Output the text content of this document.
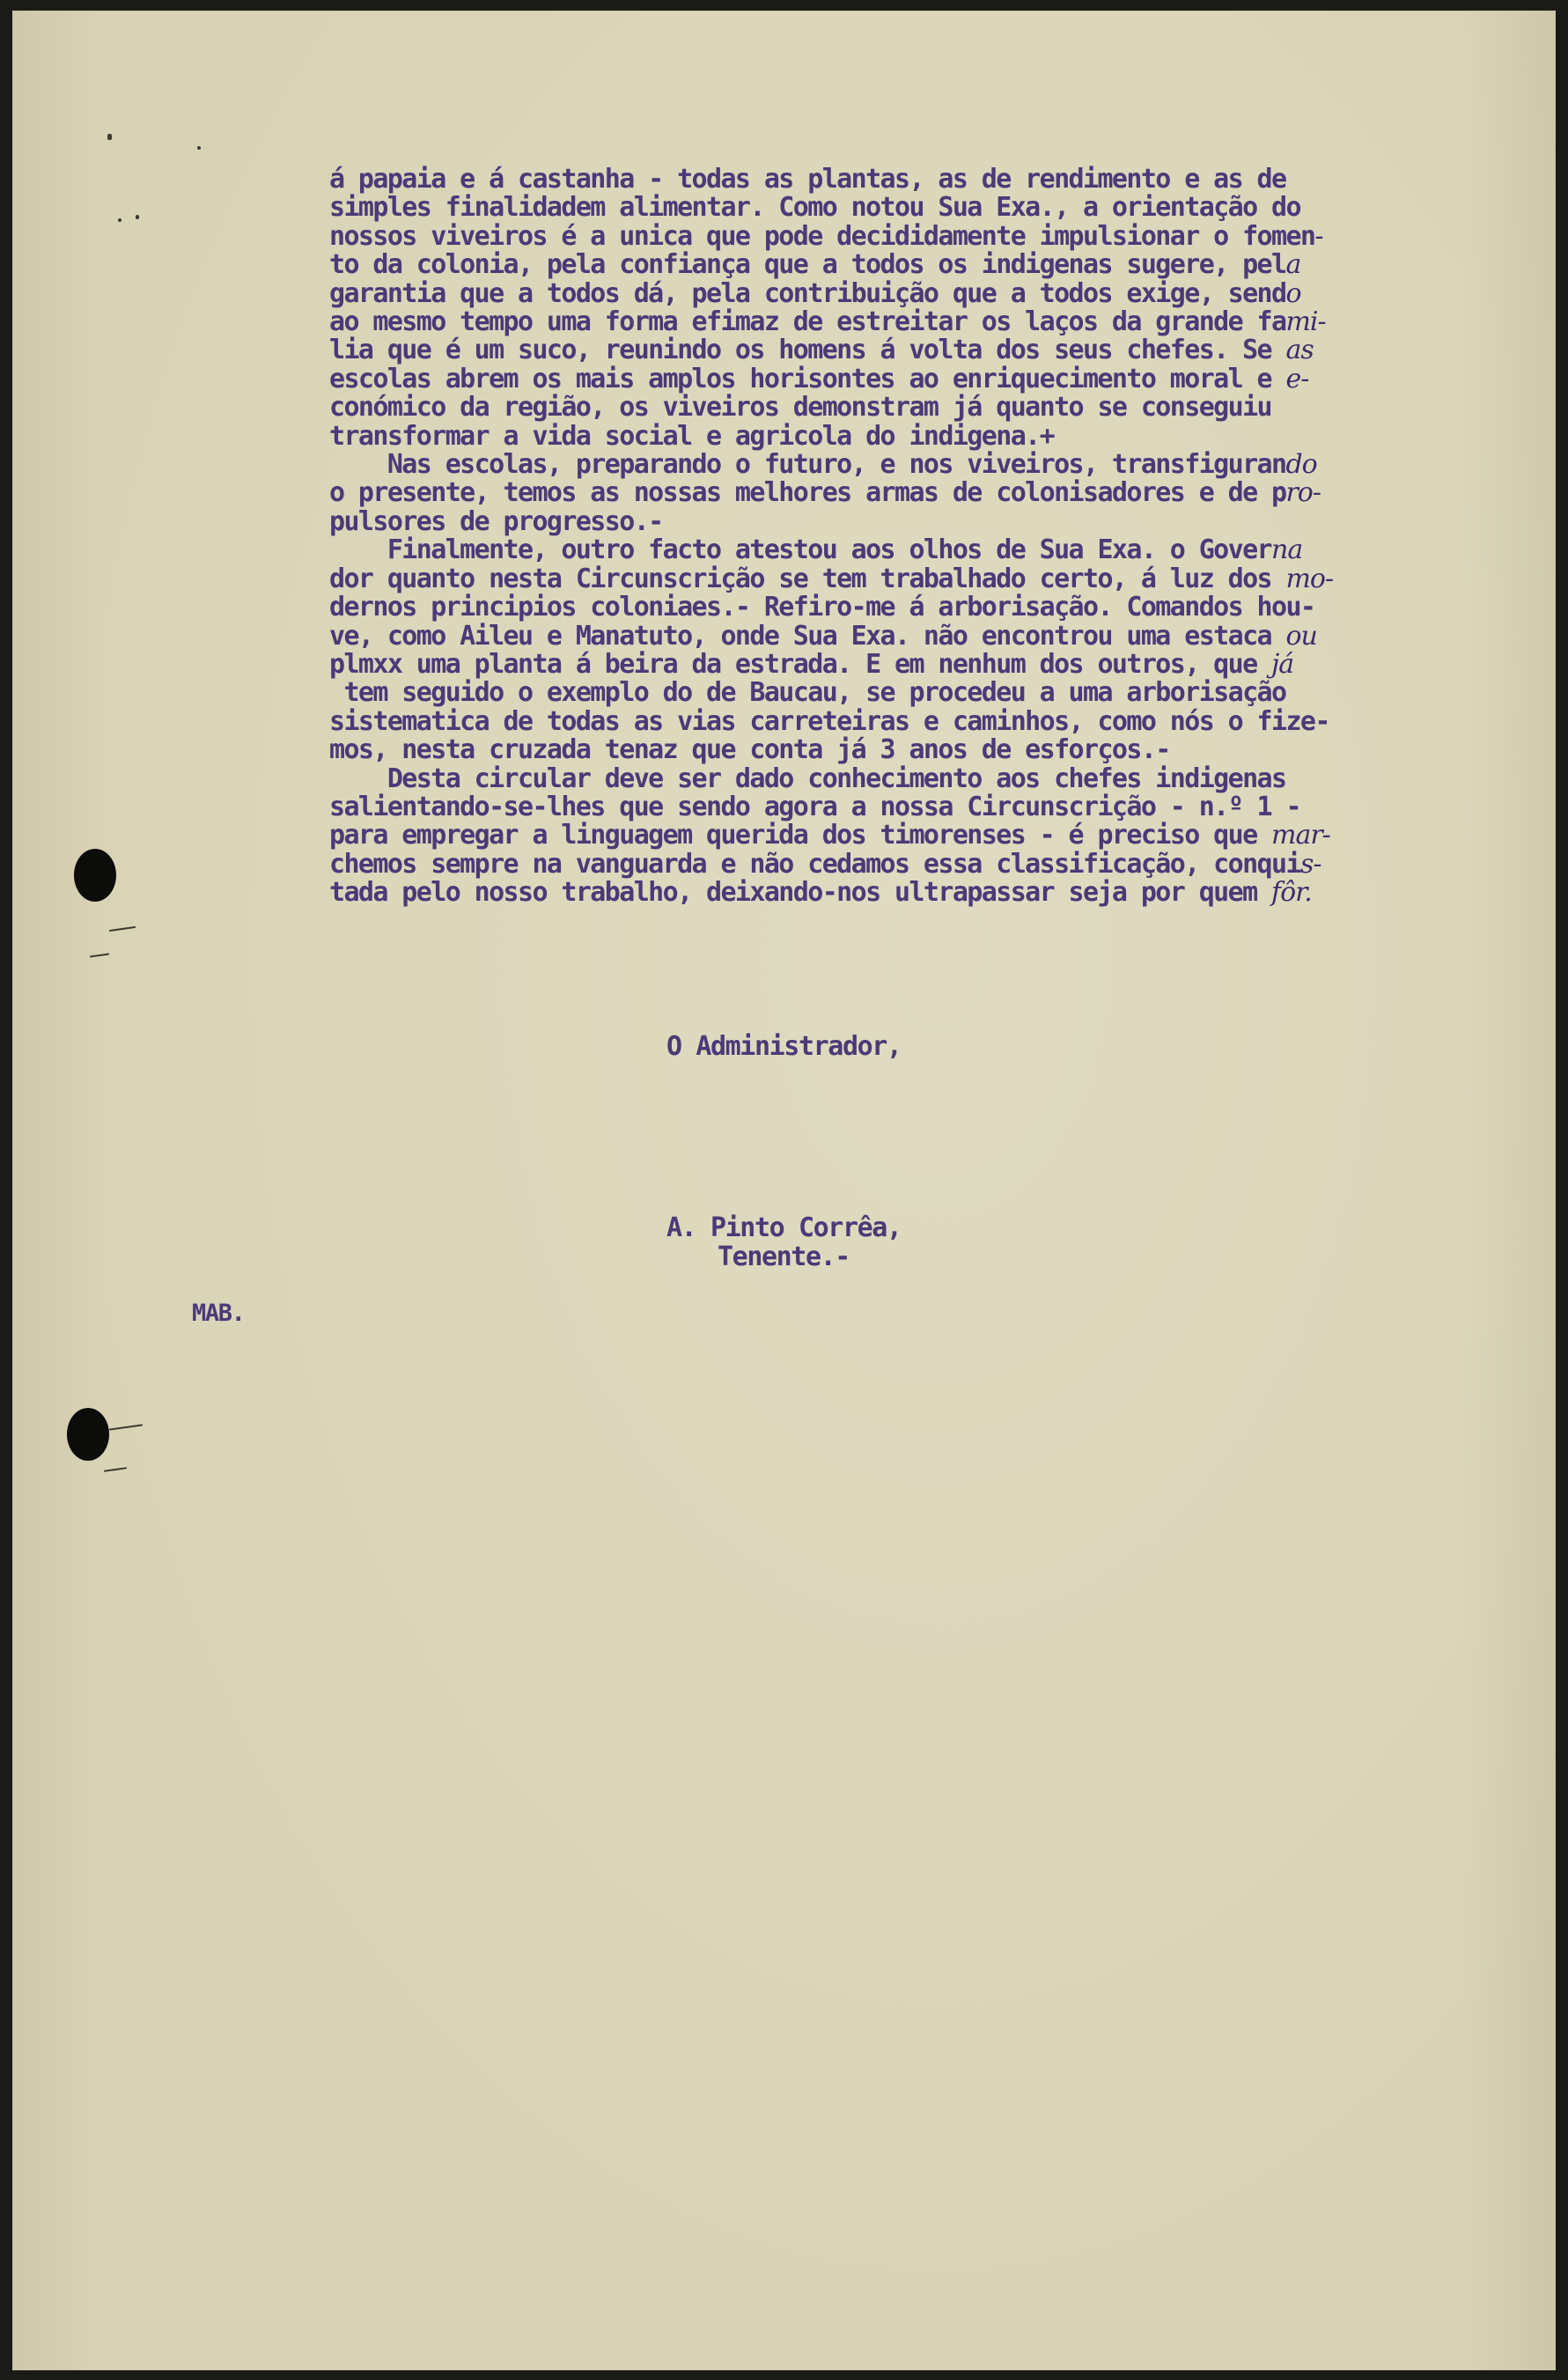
á papaia e á castanha - todas as plantas, as de rendimento e as de
simples finalidadem alimentar. Como notou Sua Exa., a orientação do
nossos viveiros é a unica que pode decididamente impulsionar o fomen-
to da colonia, pela confiança que a todos os indigenas sugere, pela
garantia que a todos dá, pela contribuição que a todos exige, sendo
ao mesmo tempo uma forma efimaz de estreitar os laços da grande fami-
lia que é um suco, reunindo os homens á volta dos seus chefes. Se as
escolas abrem os mais amplos horisontes ao enriquecimento moral e e-
conómico da região, os viveiros demonstram já quanto se conseguiu
transformar a vida social e agricola do indigena.+
Nas escolas, preparando o futuro, e nos viveiros, transfigurando
o presente, temos as nossas melhores armas de colonisadores e de pro-
pulsores de progresso.-
Finalmente, outro facto atestou aos olhos de Sua Exa. o Governa
dor quanto nesta Circunscrição se tem trabalhado certo, á luz dos mo-
dernos principios coloniaes.- Refiro-me á arborisação. Comandos hou-
ve, como Aileu e Manatuto, onde Sua Exa. não encontrou uma estaca ou
plmxx uma planta á beira da estrada. E em nenhum dos outros, que já
tem seguido o exemplo do de Baucau, se procedeu a uma arborisação
sistematica de todas as vias carreteiras e caminhos, como nós o fize-
mos, nesta cruzada tenaz que conta já 3 anos de esforços.-
Desta circular deve ser dado conhecimento aos chefes indigenas
salientando-se-lhes que sendo agora a nossa Circunscrição - n.º 1 -
para empregar a linguagem querida dos timorenses - é preciso que mar-
chemos sempre na vanguarda e não cedamos essa classificação, conquis-
tada pelo nosso trabalho, deixando-nos ultrapassar seja por quem fôr.
O Administrador,
A. Pinto Corrêa,
Tenente.-
MAB.
